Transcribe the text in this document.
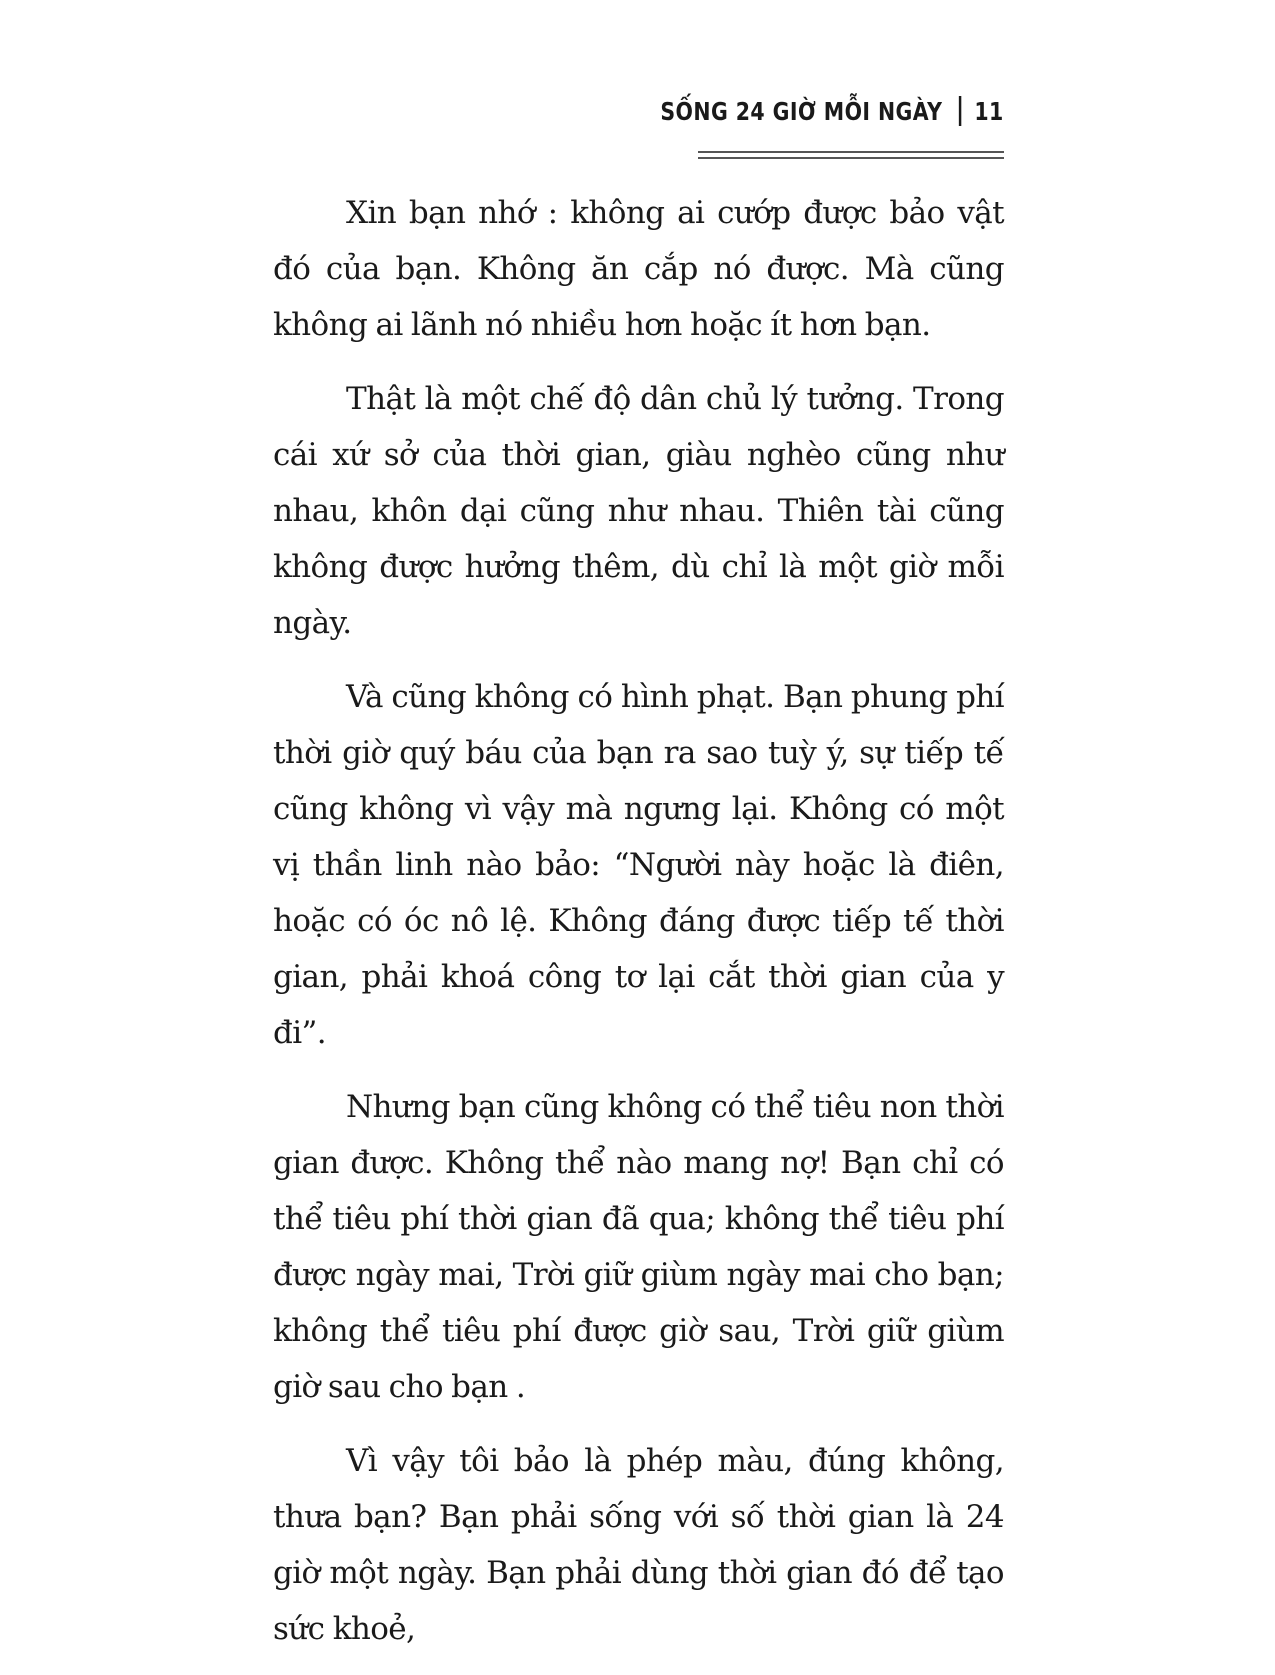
SỐNG 24 GIỜ MỖI NGÀY 11

Xin bạn nhớ : không ai cướp được bảo vật đó của bạn. Không ăn cắp nó được. Mà cũng không ai lãnh nó nhiều hơn hoặc ít hơn bạn.

Thật là một chế độ dân chủ lý tưởng. Trong cái xứ sở của thời gian, giàu nghèo cũng như nhau, khôn dại cũng như nhau. Thiên tài cũng không được hưởng thêm, dù chỉ là một giờ mỗi ngày.

Và cũng không có hình phạt. Bạn phung phí thời giờ quý báu của bạn ra sao tuỳ ý, sự tiếp tế cũng không vì vậy mà ngưng lại. Không có một vị thần linh nào bảo: “Người này hoặc là điên, hoặc có óc nô lệ. Không đáng được tiếp tế thời gian, phải khoá công tơ lại cắt thời gian của y đi”.

Nhưng bạn cũng không có thể tiêu non thời gian được. Không thể nào mang nợ! Bạn chỉ có thể tiêu phí thời gian đã qua; không thể tiêu phí được ngày mai, Trời giữ giùm ngày mai cho bạn; không thể tiêu phí được giờ sau, Trời giữ giùm giờ sau cho bạn .

Vì vậy tôi bảo là phép màu, đúng không, thưa bạn? Bạn phải sống với số thời gian là 24 giờ một ngày. Bạn phải dùng thời gian đó để tạo sức khoẻ,
